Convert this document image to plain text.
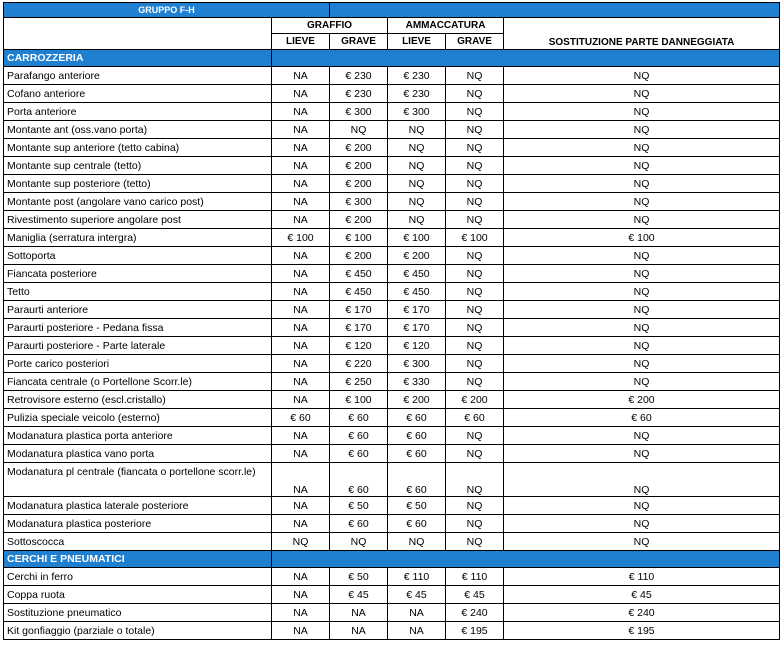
GRUPPO F-H					
	GRAFFIO		AMMACCATURA		SOSTITUZIONE PARTE DANNEGGIATA
	LIEVE	GRAVE	LIEVE	GRAVE	
CARROZZERIA					
Parafango anteriore	NA	€ 230	€ 230	NQ	NQ
Cofano anteriore	NA	€ 230	€ 230	NQ	NQ
Porta anteriore	NA	€ 300	€ 300	NQ	NQ
Montante ant (oss.vano porta)	NA	NQ	NQ	NQ	NQ
Montante sup anteriore (tetto cabina)	NA	€ 200	NQ	NQ	NQ
Montante sup centrale (tetto)	NA	€ 200	NQ	NQ	NQ
Montante sup posteriore (tetto)	NA	€ 200	NQ	NQ	NQ
Montante post (angolare vano carico post)	NA	€ 300	NQ	NQ	NQ
Rivestimento superiore angolare post	NA	€ 200	NQ	NQ	NQ
Maniglia (serratura intergra)	€ 100	€ 100	€ 100	€ 100	€ 100
Sottoporta	NA	€ 200	€ 200	NQ	NQ
Fiancata posteriore	NA	€ 450	€ 450	NQ	NQ
Tetto	NA	€ 450	€ 450	NQ	NQ
Paraurti anteriore	NA	€ 170	€ 170	NQ	NQ
Paraurti posteriore - Pedana fissa	NA	€ 170	€ 170	NQ	NQ
Paraurti posteriore - Parte laterale	NA	€ 120	€ 120	NQ	NQ
Porte carico posteriori	NA	€ 220	€ 300	NQ	NQ
Fiancata centrale (o Portellone Scorr.le)	NA	€ 250	€ 330	NQ	NQ
Retrovisore esterno (escl.cristallo)	NA	€ 100	€ 200	€ 200	€ 200
Pulizia speciale veicolo (esterno)	€ 60	€ 60	€ 60	€ 60	€ 60
Modanatura plastica porta anteriore	NA	€ 60	€ 60	NQ	NQ
Modanatura plastica vano porta	NA	€ 60	€ 60	NQ	NQ
Modanatura pl centrale (fiancata o portellone scorr.le)	NA	€ 60	€ 60	NQ	NQ
Modanatura plastica laterale posteriore	NA	€ 50	€ 50	NQ	NQ
Modanatura plastica posteriore	NA	€ 60	€ 60	NQ	NQ
Sottoscocca	NQ	NQ	NQ	NQ	NQ
CERCHI E PNEUMATICI					
Cerchi in ferro	NA	€ 50	€ 110	€ 110	€ 110
Coppa ruota	NA	€ 45	€ 45	€ 45	€ 45
Sostituzione pneumatico	NA	NA	NA	€ 240	€ 240
Kit gonfiaggio (parziale o totale)	NA	NA	NA	€ 195	€ 195
